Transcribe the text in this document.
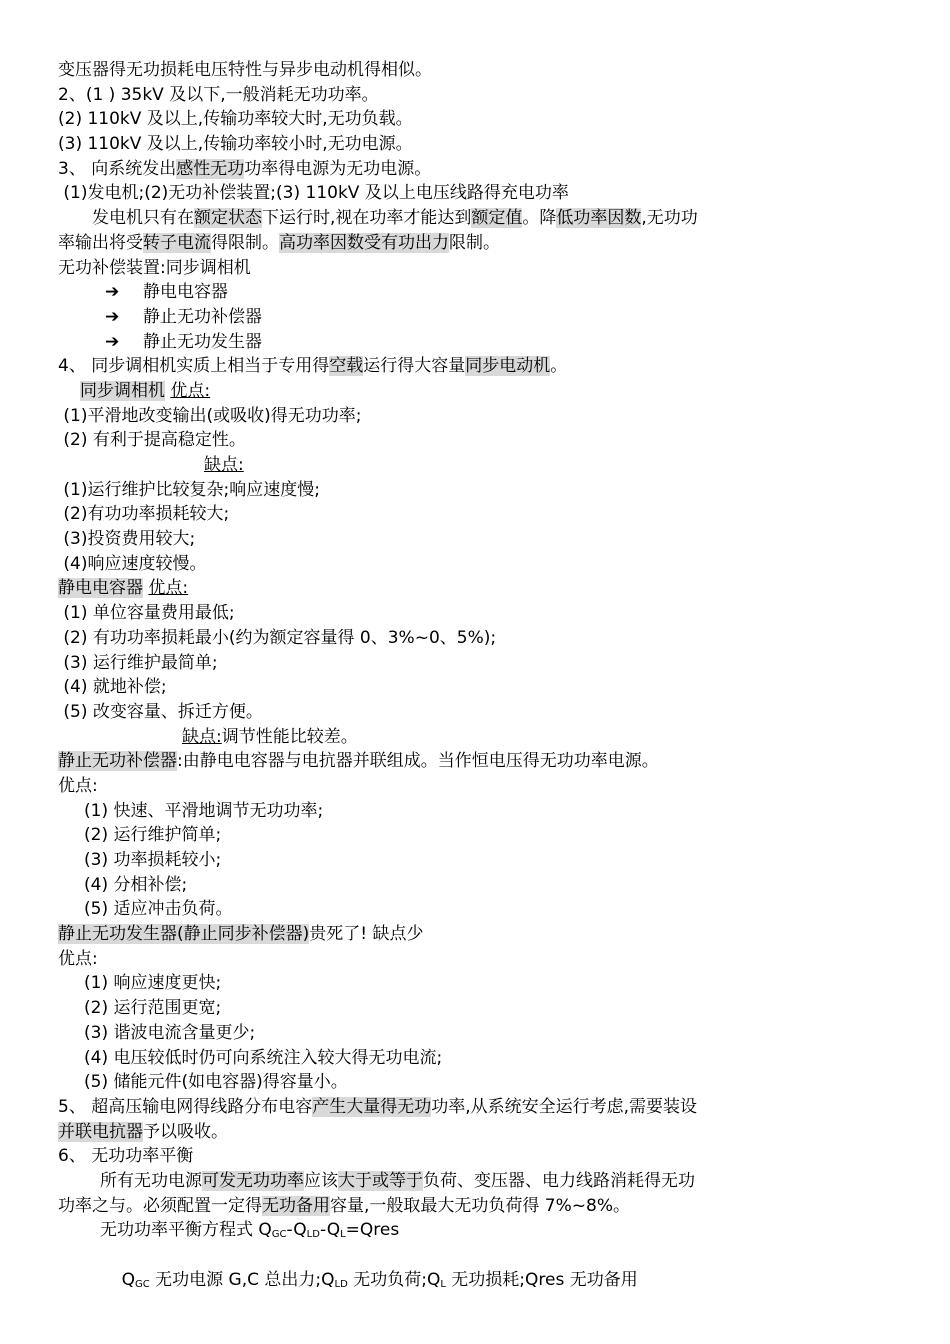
变压器得无功损耗电压特性与异步电动机得相似。
2、(1 ) 35kV 及以下,一般消耗无功功率。
(2) 110kV 及以上,传输功率较大时,无功负载。
(3) 110kV 及以上,传输功率较小时,无功电源。
3、 向系统发出感性无功功率得电源为无功电源。
(1)发电机;(2)无功补偿装置;(3) 110kV 及以上电压线路得充电功率
发电机只有在额定状态下运行时,视在功率才能达到额定值。降低功率因数,无功功
率输出将受转子电流得限制。高功率因数受有功出力限制。
无功补偿装置:同步调相机
➔ 静电电容器
➔ 静止无功补偿器
➔ 静止无功发生器
4、 同步调相机实质上相当于专用得空载运行得大容量同步电动机。
同步调相机 优点:
(1)平滑地改变输出(或吸收)得无功功率;
(2) 有利于提高稳定性。
缺点:
(1)运行维护比较复杂;响应速度慢;
(2)有功功率损耗较大;
(3)投资费用较大;
(4)响应速度较慢。
静电电容器 优点:
(1) 单位容量费用最低;
(2) 有功功率损耗最小(约为额定容量得 0、3%~0、5%);
(3) 运行维护最简单;
(4) 就地补偿;
(5) 改变容量、拆迁方便。
缺点:调节性能比较差。
静止无功补偿器:由静电电容器与电抗器并联组成。当作恒电压得无功功率电源。
优点:
(1) 快速、平滑地调节无功功率;
(2) 运行维护简单;
(3) 功率损耗较小;
(4) 分相补偿;
(5) 适应冲击负荷。
静止无功发生器(静止同步补偿器)贵死了! 缺点少
优点:
(1) 响应速度更快;
(2) 运行范围更宽;
(3) 谐波电流含量更少;
(4) 电压较低时仍可向系统注入较大得无功电流;
(5) 储能元件(如电容器)得容量小。
5、 超高压输电网得线路分布电容产生大量得无功功率,从系统安全运行考虑,需要装设
并联电抗器予以吸收。
6、 无功功率平衡
所有无功电源可发无功功率应该大于或等于负荷、变压器、电力线路消耗得无功
功率之与。必须配置一定得无功备用容量,一般取最大无功负荷得 7%~8%。
无功功率平衡方程式 $Q_{GC}-Q_{LD}-Q_L=Qres$

$Q_{GC}$ 无功电源 G,C 总出力$;Q_{LD}$ 无功负荷$;Q_L$ 无功损耗;Qres 无功备用
